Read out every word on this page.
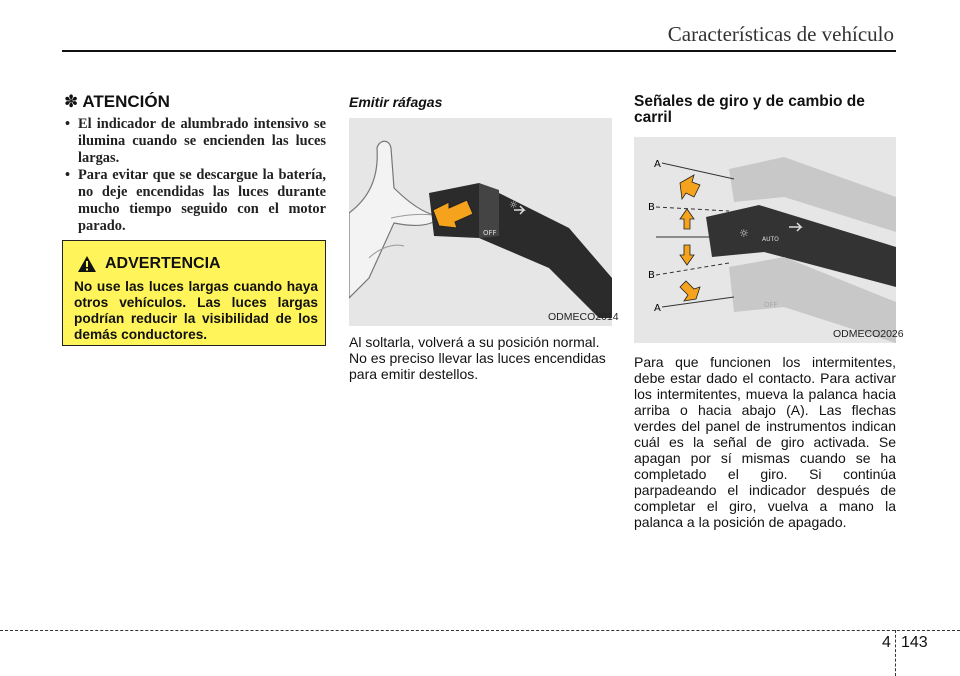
Características de vehículo
✽ ATENCIÓN
• El indicador de alumbrado intensivo se ilumina cuando se encienden las luces largas.
• Para evitar que se descargue la batería, no deje encendidas las luces durante mucho tiempo seguido con el motor parado.
ADVERTENCIA
No use las luces largas cuando haya otros vehículos. Las luces largas podrían reducir la visibilidad de los demás conductores.
Emitir ráfagas
☼
OFF
ODMECO2014
Al soltarla, volverá a su posición normal. No es preciso llevar las luces encendidas para emitir destellos.
Señales de giro y de cambio de carril
☼ AUTO
OFF
A
B
B
A
ODMECO2026
Para que funcionen los intermitentes, debe estar dado el contacto. Para activar los intermitentes, mueva la palanca hacia arriba o hacia abajo (A). Las flechas verdes del panel de instrumentos indican cuál es la señal de giro activada. Se apagan por sí mismas cuando se ha completado el giro. Si continúa parpadeando el indicador después de completar el giro, vuelva a mano la palanca a la posición de apagado.
4 143
